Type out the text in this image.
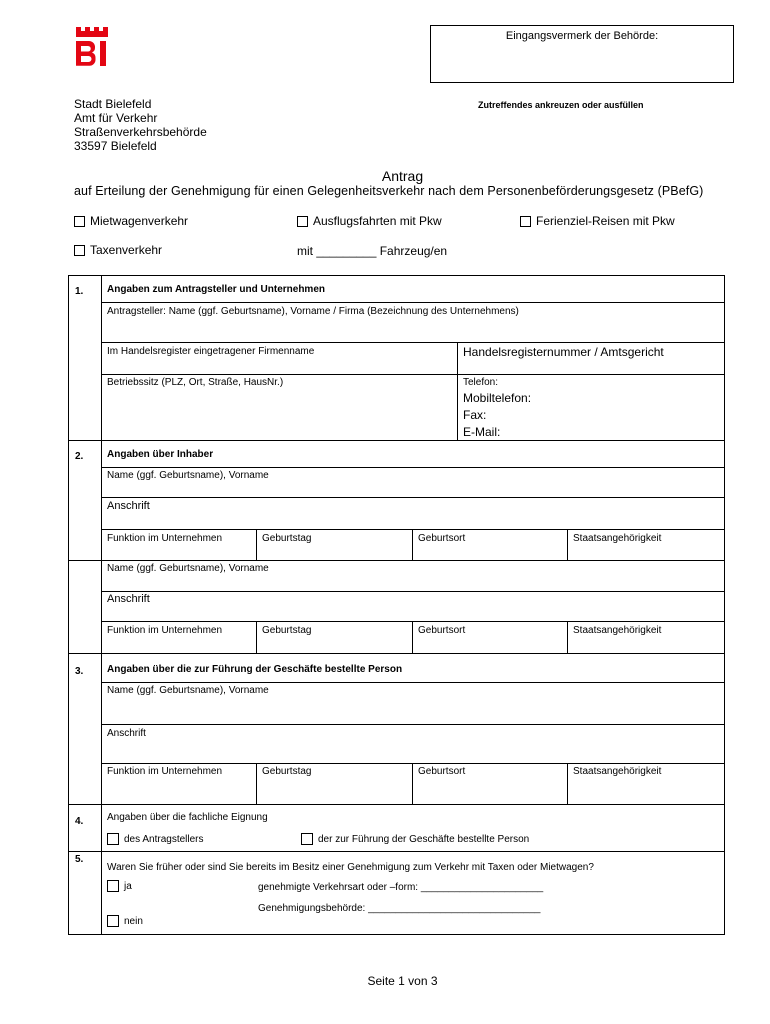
Eingangsvermerk der Behörde:
Stadt Bielefeld
Amt für Verkehr
Straßenverkehrsbehörde
33597 Bielefeld
Zutreffendes ankreuzen oder ausfüllen
Antrag
auf Erteilung der Genehmigung für einen Gelegenheitsverkehr nach dem Personenbeförderungsgesetz (PBefG)
Mietwagenverkehr	Ausflugsfahrten mit Pkw	Ferienziel-Reisen mit Pkw
Taxenverkehr	mit _________ Fahrzeug/en
1. Angaben zum Antragsteller und Unternehmen
Antragsteller: Name (ggf. Geburtsname), Vorname / Firma (Bezeichnung des Unternehmens)
Im Handelsregister eingetragener Firmenname	Handelsregisternummer / Amtsgericht
Betriebssitz (PLZ, Ort, Straße, HausNr.)	Telefon:
Mobiltelefon:
Fax:
E-Mail:
2. Angaben über Inhaber
Name (ggf. Geburtsname), Vorname
Anschrift
Funktion im Unternehmen	Geburtstag	Geburtsort	Staatsangehörigkeit
Name (ggf. Geburtsname), Vorname
Anschrift
Funktion im Unternehmen	Geburtstag	Geburtsort	Staatsangehörigkeit
3. Angaben über die zur Führung der Geschäfte bestellte Person
Name (ggf. Geburtsname), Vorname
Anschrift
Funktion im Unternehmen	Geburtstag	Geburtsort	Staatsangehörigkeit
4. Angaben über die fachliche Eignung
des Antragstellers	der zur Führung der Geschäfte bestellte Person
5.
Waren Sie früher oder sind Sie bereits im Besitz einer Genehmigung zum Verkehr mit Taxen oder Mietwagen?
ja	genehmigte Verkehrsart oder –form: ______________________
Genehmigungsbehörde: _______________________________
nein
Seite 1 von 3
